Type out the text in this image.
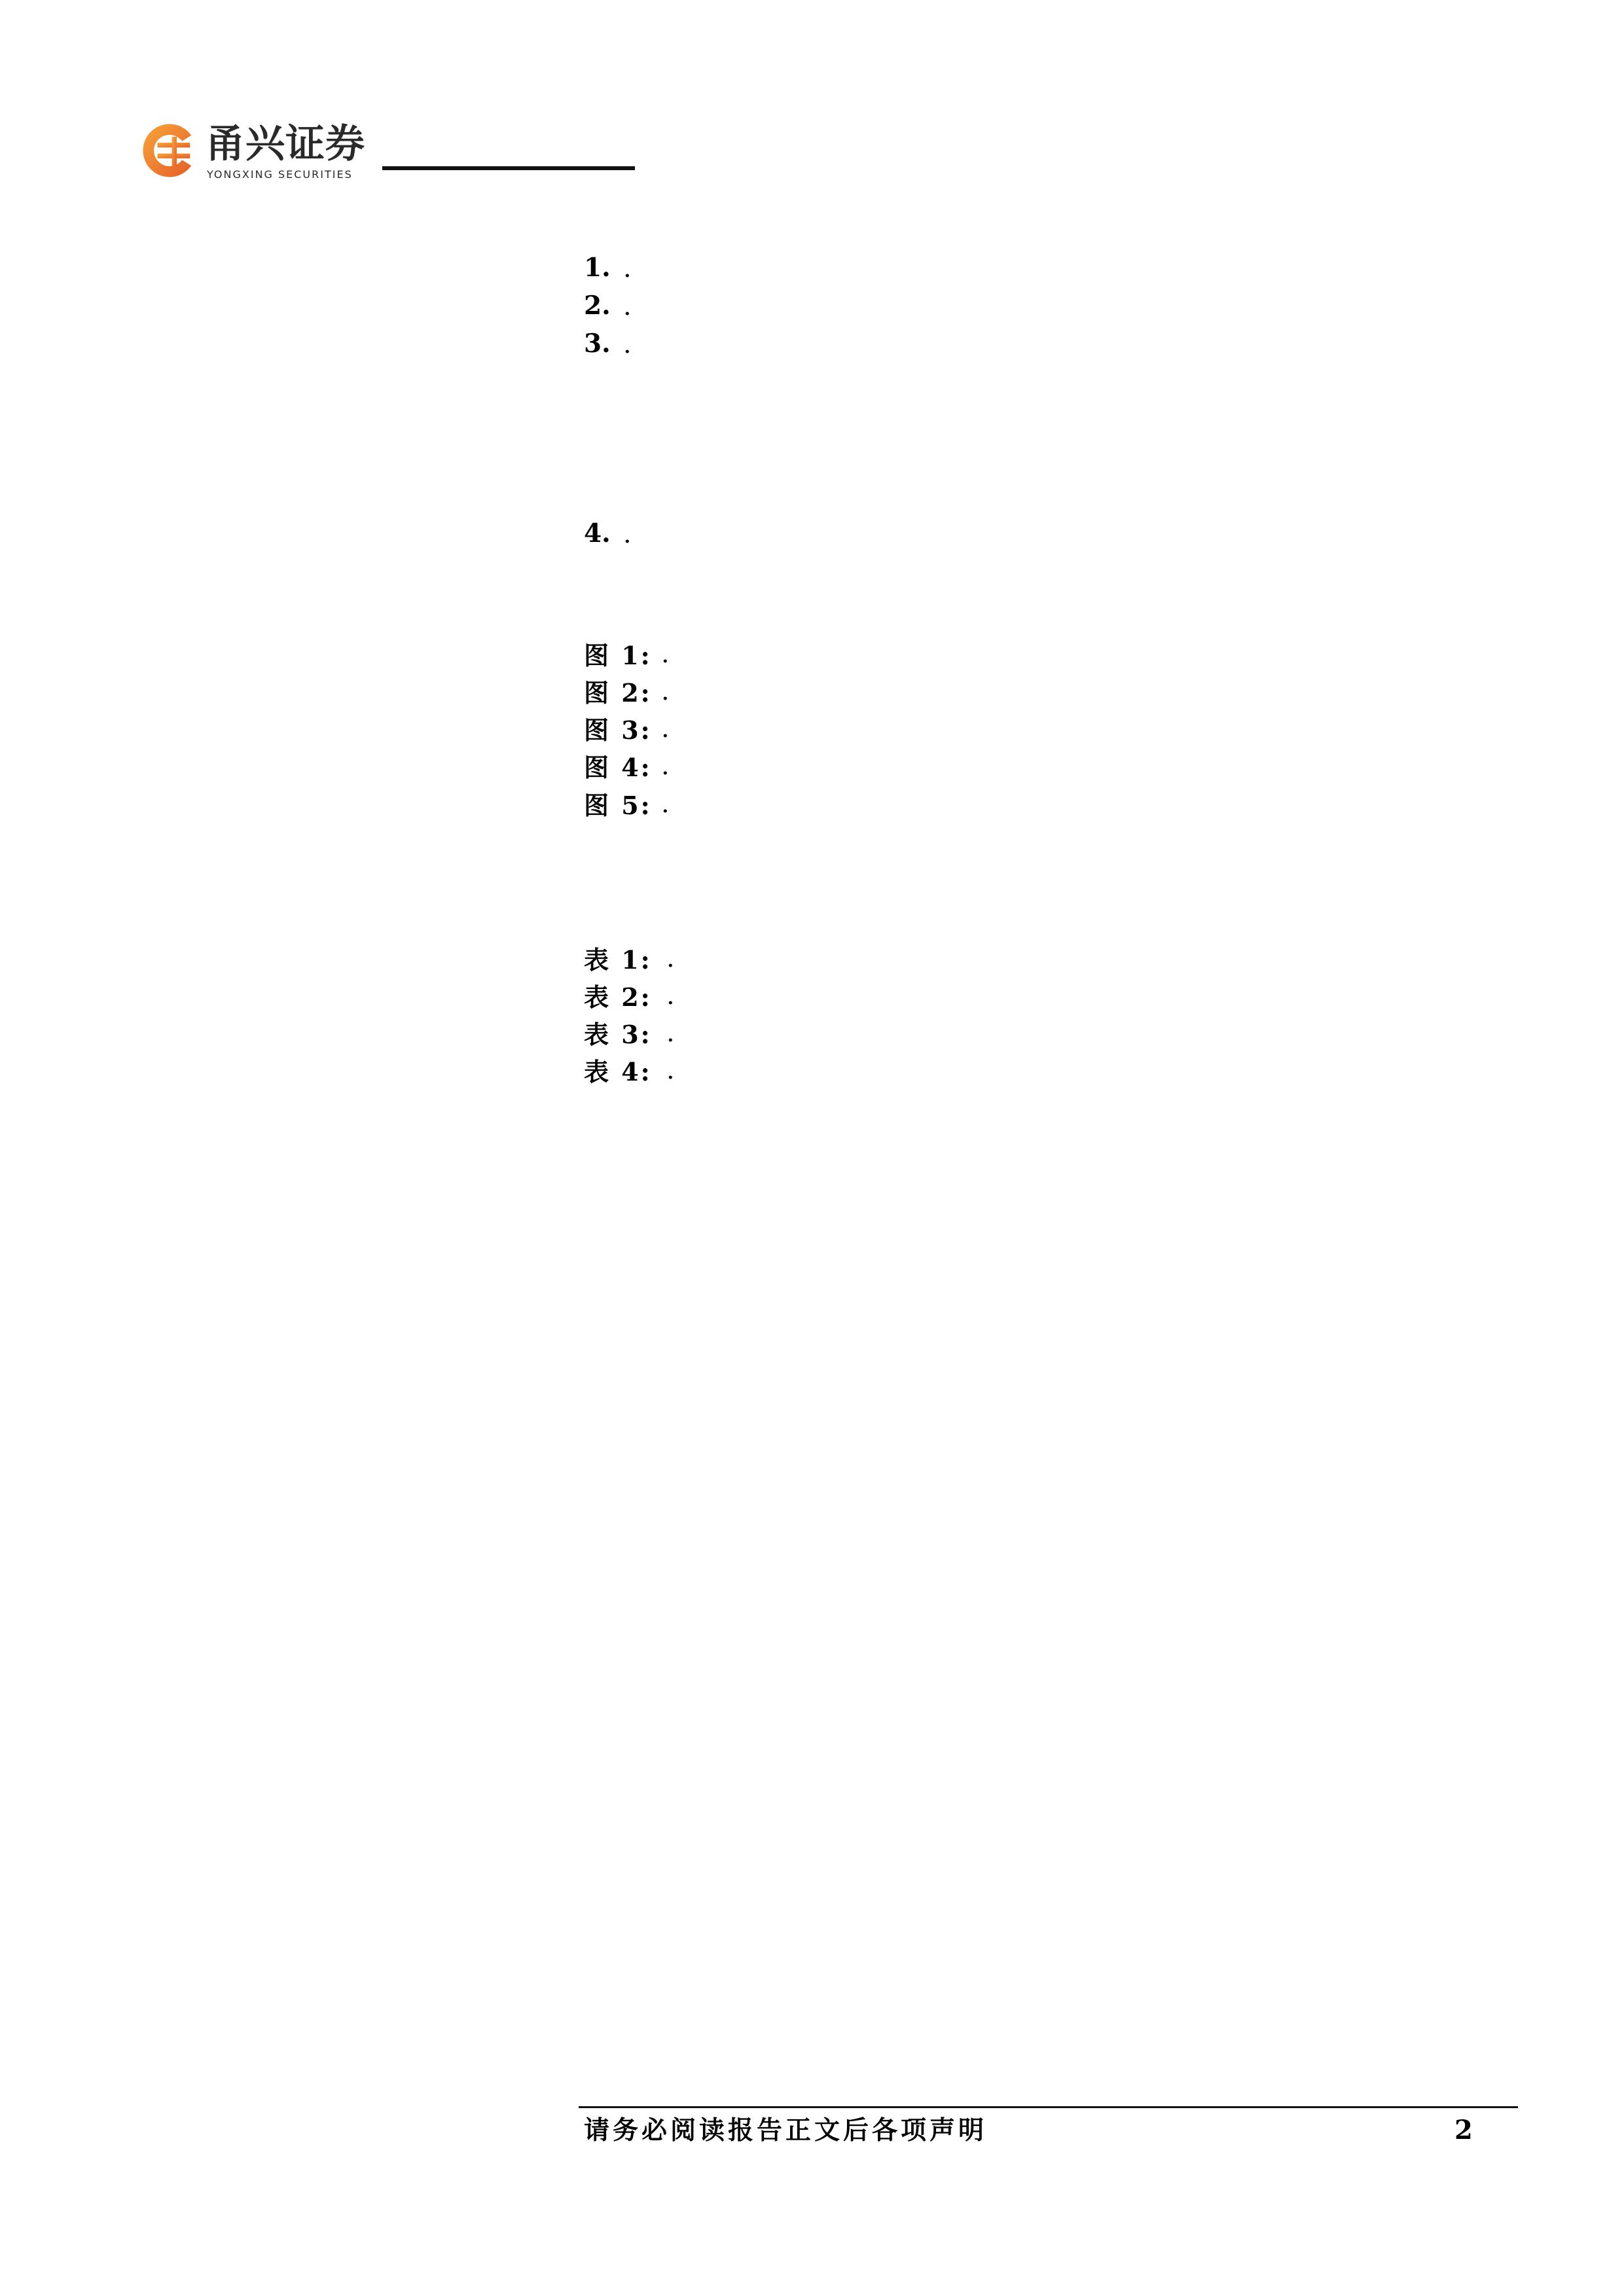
甬兴证券
YONGXING SECURITIES
1.
2.
3.
4.
图 1:
图 2:
图 3:
图 4:
图 5:
表 1:
表 2:
表 3:
表 4:
请务必阅读报告正文后各项声明	2
